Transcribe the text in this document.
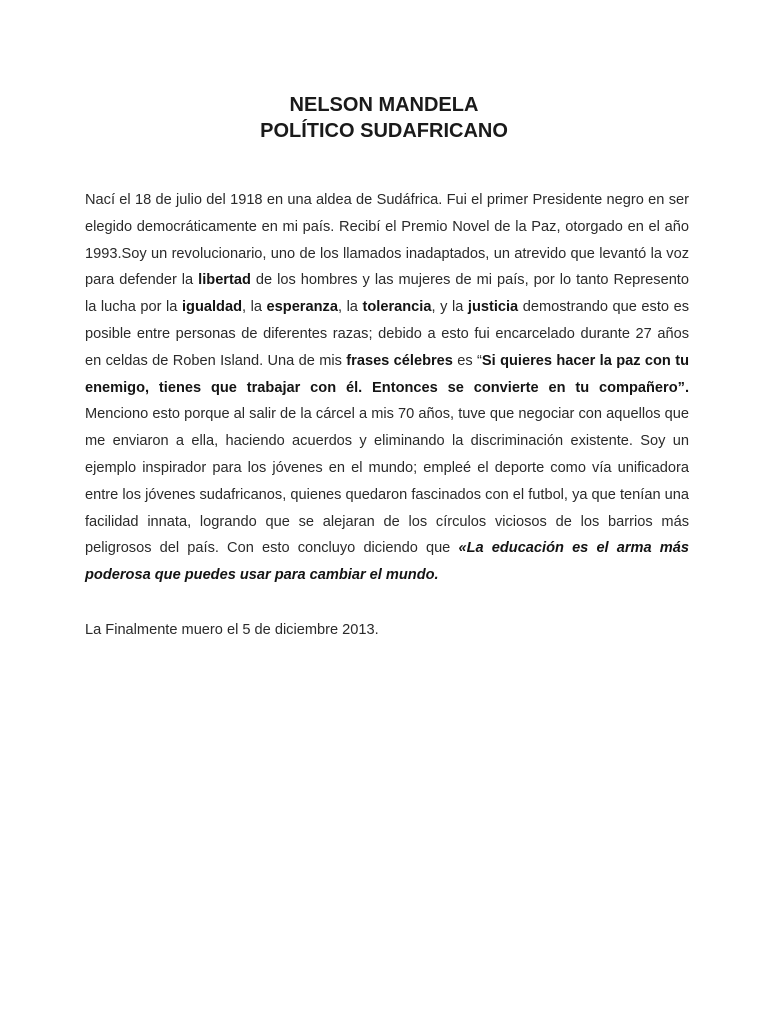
NELSON MANDELA
POLÍTICO SUDAFRICANO
Nací el 18 de julio del 1918 en una aldea de Sudáfrica. Fui el primer Presidente negro en ser elegido democráticamente en mi país. Recibí el Premio Novel de la Paz, otorgado en el año 1993.Soy un revolucionario, uno de los llamados inadaptados, un atrevido que levantó la voz para defender la libertad de los hombres y las mujeres de mi país, por lo tanto Represento la lucha por la igualdad, la esperanza, la tolerancia, y la justicia demostrando que esto es posible entre personas de diferentes razas; debido a esto fui encarcelado durante 27 años en celdas de Roben Island. Una de mis frases célebres es “Si quieres hacer la paz con tu enemigo, tienes que trabajar con él. Entonces se convierte en tu compañero”. Menciono esto porque al salir de la cárcel a mis 70 años, tuve que negociar con aquellos que me enviaron a ella, haciendo acuerdos y eliminando la discriminación existente. Soy un ejemplo inspirador para los jóvenes en el mundo; empleé el deporte como vía unificadora entre los jóvenes sudafricanos, quienes quedaron fascinados con el futbol, ya que tenían una facilidad innata, logrando que se alejaran de los círculos viciosos de los barrios más peligrosos del país. Con esto concluyo diciendo que «La educación es el arma más poderosa que puedes usar para cambiar el mundo.
La Finalmente muero el 5 de diciembre 2013.
